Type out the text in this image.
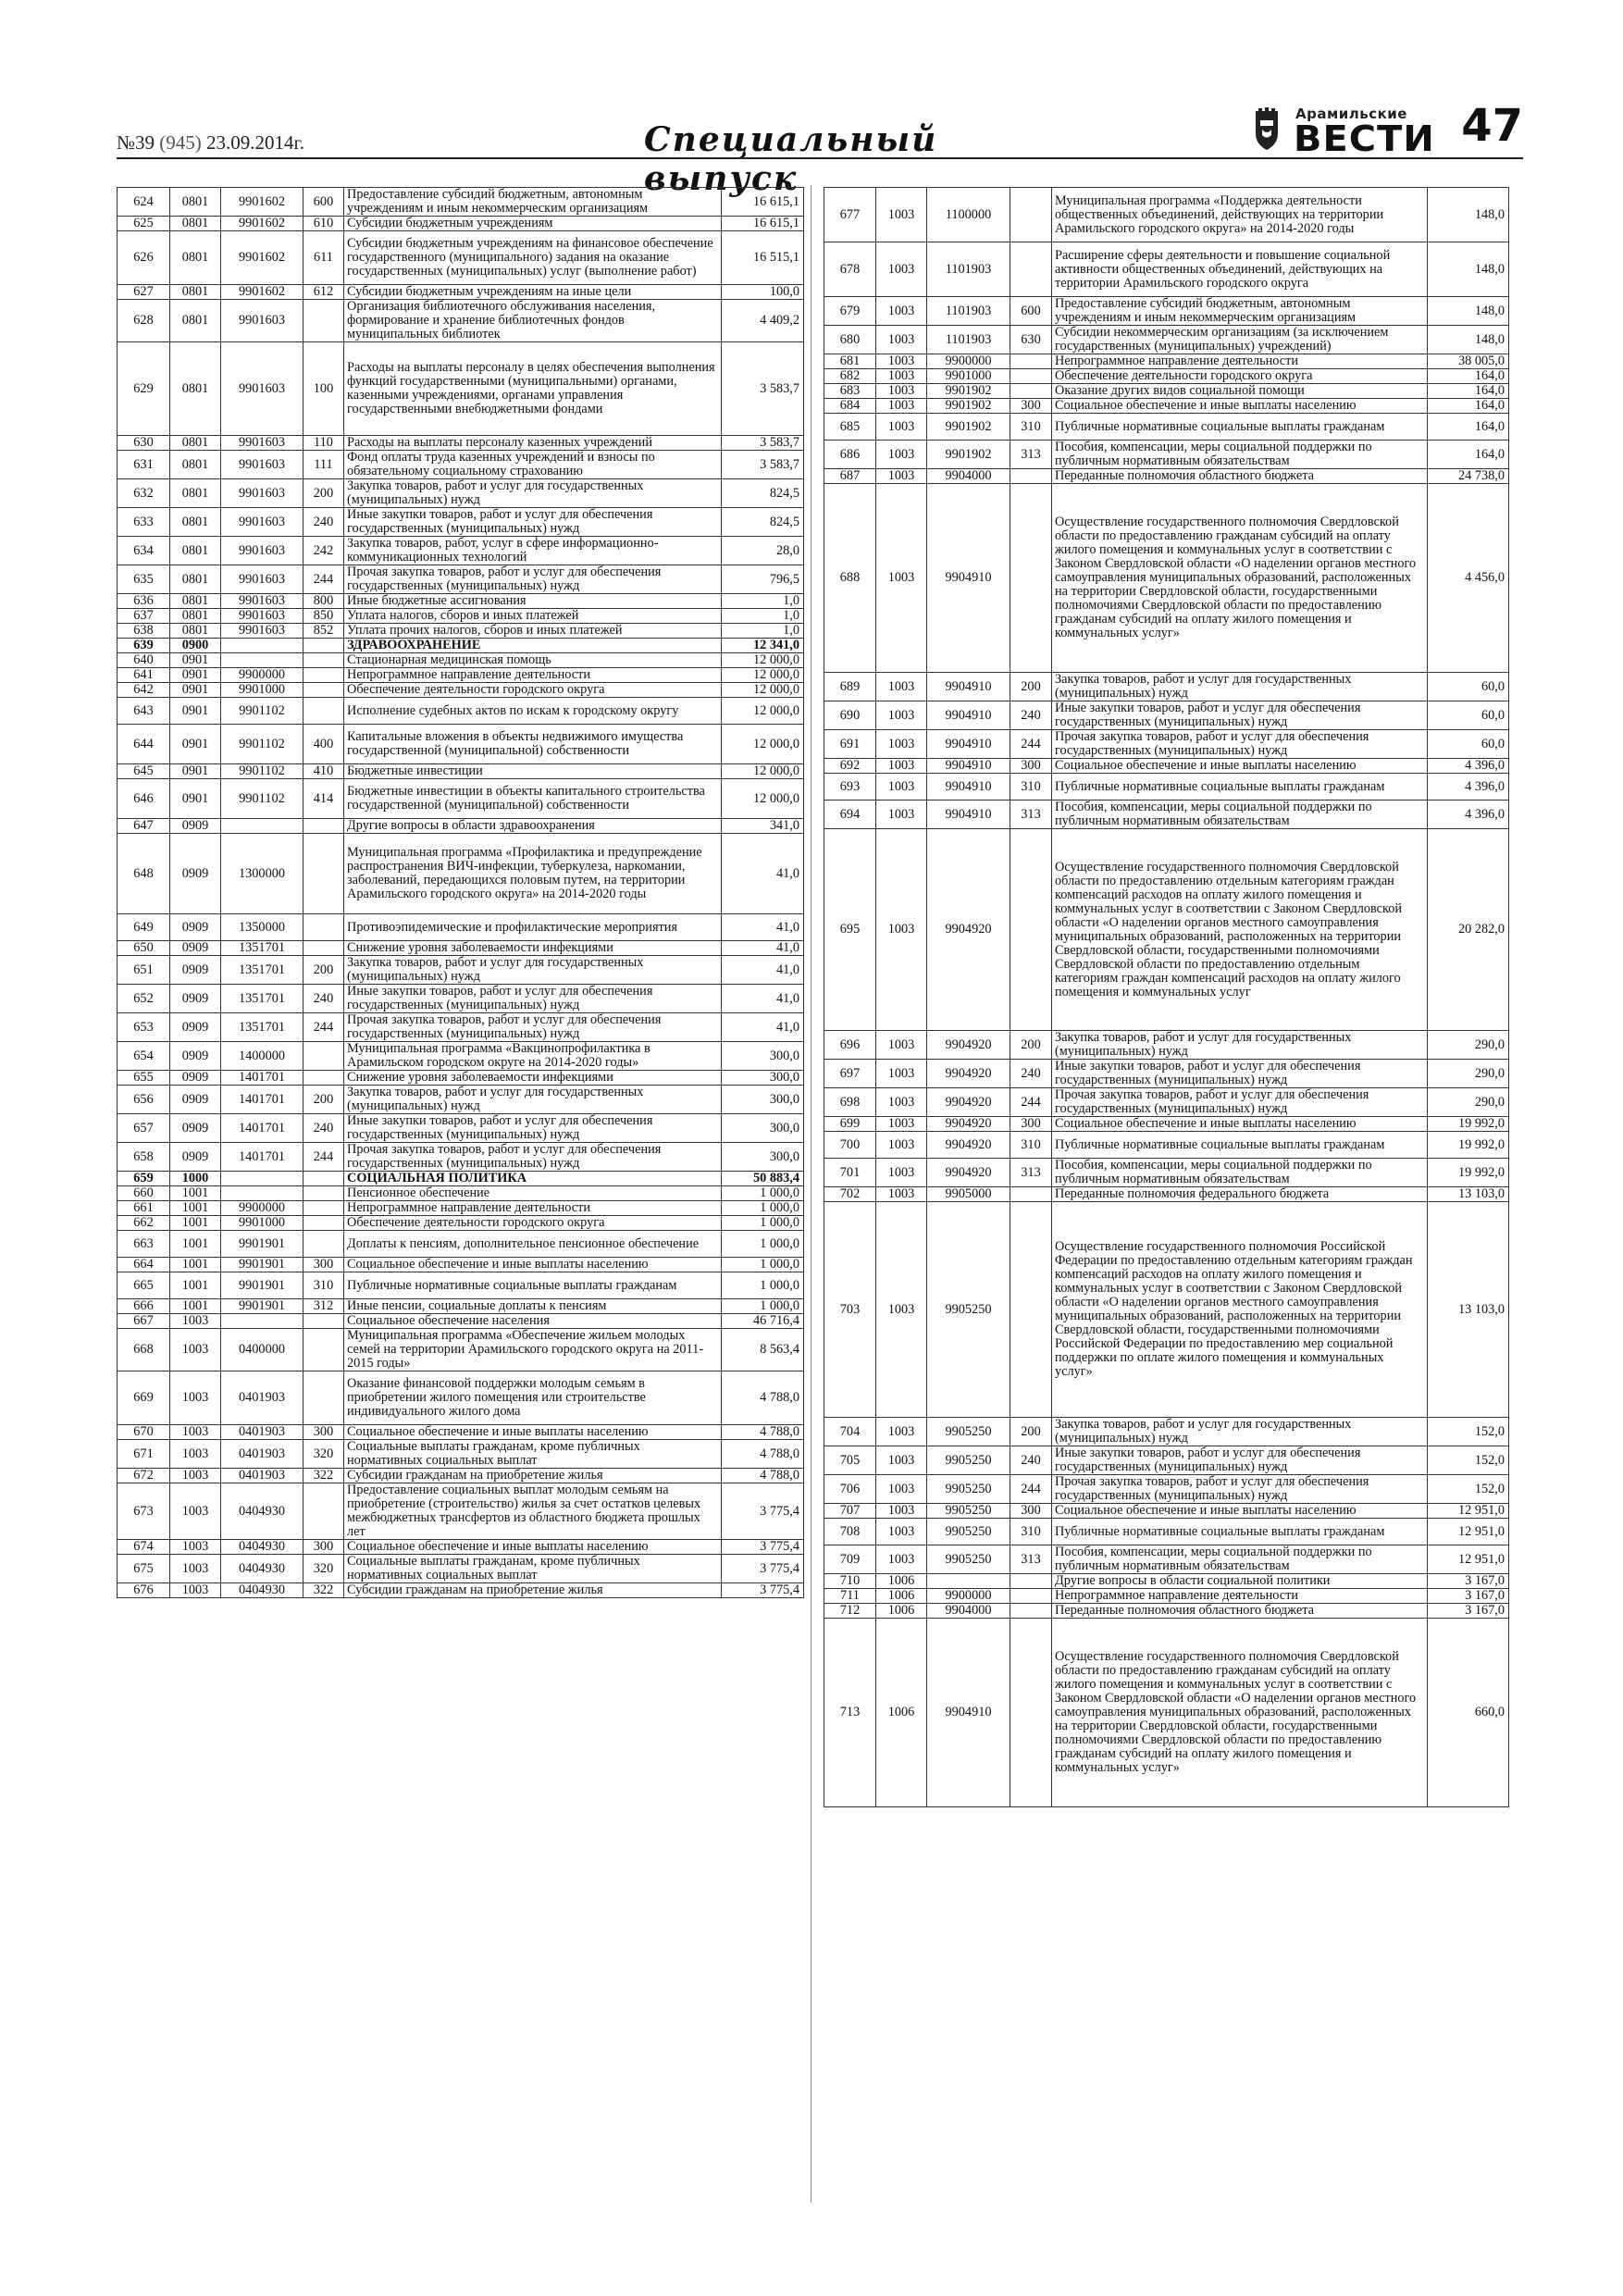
№39 (945) 23.09.2014г.	Специальный выпуск
Арамильские
ВЕСТИ 47
624	0801	9901602	600	Предоставление субсидий бюджетным, автономным учреждениям и иным некоммерческим организациям	16 615,1
625	0801	9901602	610	Субсидии бюджетным учреждениям	16 615,1
626	0801	9901602	611	Субсидии бюджетным учреждениям на финансовое обеспечение государственного (муниципального) задания на оказание государственных (муниципальных) услуг (выполнение работ)	16 515,1
627	0801	9901602	612	Субсидии бюджетным учреждениям на иные цели	100,0
628	0801	9901603		Организация библиотечного обслуживания населения, формирование и хранение библиотечных фондов муниципальных библиотек	4 409,2
629	0801	9901603	100	Расходы на выплаты персоналу в целях обеспечения выполнения функций государственными (муниципальными) органами, казенными учреждениями, органами управления государственными внебюджетными фондами	3 583,7
630	0801	9901603	110	Расходы на выплаты персоналу казенных учреждений	3 583,7
631	0801	9901603	111	Фонд оплаты труда казенных учреждений и взносы по обязательному социальному страхованию	3 583,7
632	0801	9901603	200	Закупка товаров, работ и услуг для государственных (муниципальных) нужд	824,5
633	0801	9901603	240	Иные закупки товаров, работ и услуг для обеспечения государственных (муниципальных) нужд	824,5
634	0801	9901603	242	Закупка товаров, работ, услуг в сфере информационно-коммуникационных технологий	28,0
635	0801	9901603	244	Прочая закупка товаров, работ и услуг для обеспечения государственных (муниципальных) нужд	796,5
636	0801	9901603	800	Иные бюджетные ассигнования	1,0
637	0801	9901603	850	Уплата налогов, сборов и иных платежей	1,0
638	0801	9901603	852	Уплата прочих налогов, сборов и иных платежей	1,0
639	0900			ЗДРАВООХРАНЕНИЕ	12 341,0
640	0901			Стационарная медицинская помощь	12 000,0
641	0901	9900000		Непрограммное направление деятельности	12 000,0
642	0901	9901000		Обеспечение деятельности городского округа	12 000,0
643	0901	9901102		Исполнение судебных актов по искам к городскому округу	12 000,0
644	0901	9901102	400	Капитальные вложения в объекты недвижимого имущества государственной (муниципальной) собственности	12 000,0
645	0901	9901102	410	Бюджетные инвестиции	12 000,0
646	0901	9901102	414	Бюджетные инвестиции в объекты капитального строительства государственной (муниципальной) собственности	12 000,0
647	0909			Другие вопросы в области здравоохранения	341,0
648	0909	1300000		Муниципальная программа «Профилактика и предупреждение распространения ВИЧ-инфекции, туберкулеза, наркомании, заболеваний, передающихся половым путем, на территории Арамильского городского округа» на 2014-2020 годы	41,0
649	0909	1350000		Противоэпидемические и профилактические мероприятия	41,0
650	0909	1351701		Снижение уровня заболеваемости инфекциями	41,0
651	0909	1351701	200	Закупка товаров, работ и услуг для государственных (муниципальных) нужд	41,0
652	0909	1351701	240	Иные закупки товаров, работ и услуг для обеспечения государственных (муниципальных) нужд	41,0
653	0909	1351701	244	Прочая закупка товаров, работ и услуг для обеспечения государственных (муниципальных) нужд	41,0
654	0909	1400000		Муниципальная программа «Вакцинопрофилактика в Арамильском городском округе на 2014-2020 годы»	300,0
655	0909	1401701		Снижение уровня заболеваемости инфекциями	300,0
656	0909	1401701	200	Закупка товаров, работ и услуг для государственных (муниципальных) нужд	300,0
657	0909	1401701	240	Иные закупки товаров, работ и услуг для обеспечения государственных (муниципальных) нужд	300,0
658	0909	1401701	244	Прочая закупка товаров, работ и услуг для обеспечения государственных (муниципальных) нужд	300,0
659	1000			СОЦИАЛЬНАЯ ПОЛИТИКА	50 883,4
660	1001			Пенсионное обеспечение	1 000,0
661	1001	9900000		Непрограммное направление деятельности	1 000,0
662	1001	9901000		Обеспечение деятельности городского округа	1 000,0
663	1001	9901901		Доплаты к пенсиям, дополнительное пенсионное обеспечение	1 000,0
664	1001	9901901	300	Социальное обеспечение и иные выплаты населению	1 000,0
665	1001	9901901	310	Публичные нормативные социальные выплаты гражданам	1 000,0
666	1001	9901901	312	Иные пенсии, социальные доплаты к пенсиям	1 000,0
667	1003			Социальное обеспечение населения	46 716,4
668	1003	0400000		Муниципальная программа «Обеспечение жильем молодых семей на территории Арамильского городского округа на 2011-2015 годы»	8 563,4
669	1003	0401903		Оказание финансовой поддержки молодым семьям в приобретении жилого помещения или строительстве индивидуального жилого дома	4 788,0
670	1003	0401903	300	Социальное обеспечение и иные выплаты населению	4 788,0
671	1003	0401903	320	Социальные выплаты гражданам, кроме публичных нормативных социальных выплат	4 788,0
672	1003	0401903	322	Субсидии гражданам на приобретение жилья	4 788,0
673	1003	0404930		Предоставление социальных выплат молодым семьям на приобретение (строительство) жилья за счет остатков целевых межбюджетных трансфертов из областного бюджета прошлых лет	3 775,4
674	1003	0404930	300	Социальное обеспечение и иные выплаты населению	3 775,4
675	1003	0404930	320	Социальные выплаты гражданам, кроме публичных нормативных социальных выплат	3 775,4
676	1003	0404930	322	Субсидии гражданам на приобретение жилья	3 775,4
677	1003	1100000		Муниципальная программа «Поддержка деятельности общественных объединений, действующих на территории Арамильского городского округа» на 2014-2020 годы	148,0
678	1003	1101903		Расширение сферы деятельности и повышение социальной активности общественных объединений, действующих на территории Арамильского городского округа	148,0
679	1003	1101903	600	Предоставление субсидий бюджетным, автономным учреждениям и иным некоммерческим организациям	148,0
680	1003	1101903	630	Субсидии некоммерческим организациям (за исключением государственных (муниципальных) учреждений)	148,0
681	1003	9900000		Непрограммное направление деятельности	38 005,0
682	1003	9901000		Обеспечение деятельности городского округа	164,0
683	1003	9901902		Оказание других видов социальной помощи	164,0
684	1003	9901902	300	Социальное обеспечение и иные выплаты населению	164,0
685	1003	9901902	310	Публичные нормативные социальные выплаты гражданам	164,0
686	1003	9901902	313	Пособия, компенсации, меры социальной поддержки по публичным нормативным обязательствам	164,0
687	1003	9904000		Переданные полномочия областного бюджета	24 738,0
688	1003	9904910		Осуществление государственного полномочия Свердловской области по предоставлению гражданам субсидий на оплату жилого помещения и коммунальных услуг в соответствии с Законом Свердловской области «О наделении органов местного самоуправления муниципальных образований, расположенных на территории Свердловской области, государственными полномочиями Свердловской области по предоставлению гражданам субсидий на оплату жилого помещения и коммунальных услуг»	4 456,0
689	1003	9904910	200	Закупка товаров, работ и услуг для государственных (муниципальных) нужд	60,0
690	1003	9904910	240	Иные закупки товаров, работ и услуг для обеспечения государственных (муниципальных) нужд	60,0
691	1003	9904910	244	Прочая закупка товаров, работ и услуг для обеспечения государственных (муниципальных) нужд	60,0
692	1003	9904910	300	Социальное обеспечение и иные выплаты населению	4 396,0
693	1003	9904910	310	Публичные нормативные социальные выплаты гражданам	4 396,0
694	1003	9904910	313	Пособия, компенсации, меры социальной поддержки по публичным нормативным обязательствам	4 396,0
695	1003	9904920		Осуществление государственного полномочия Свердловской области по предоставлению отдельным категориям граждан компенсаций расходов на оплату жилого помещения и коммунальных услуг в соответствии с Законом Свердловской области «О наделении органов местного самоуправления муниципальных образований, расположенных на территории Свердловской области, государственными полномочиями Свердловской области по предоставлению отдельным категориям граждан компенсаций расходов на оплату жилого помещения и коммунальных услуг	20 282,0
696	1003	9904920	200	Закупка товаров, работ и услуг для государственных (муниципальных) нужд	290,0
697	1003	9904920	240	Иные закупки товаров, работ и услуг для обеспечения государственных (муниципальных) нужд	290,0
698	1003	9904920	244	Прочая закупка товаров, работ и услуг для обеспечения государственных (муниципальных) нужд	290,0
699	1003	9904920	300	Социальное обеспечение и иные выплаты населению	19 992,0
700	1003	9904920	310	Публичные нормативные социальные выплаты гражданам	19 992,0
701	1003	9904920	313	Пособия, компенсации, меры социальной поддержки по публичным нормативным обязательствам	19 992,0
702	1003	9905000		Переданные полномочия федерального бюджета	13 103,0
703	1003	9905250		Осуществление государственного полномочия Российской Федерации по предоставлению отдельным категориям граждан компенсаций расходов на оплату жилого помещения и коммунальных услуг в соответствии с Законом Свердловской области «О наделении органов местного самоуправления муниципальных образований, расположенных на территории Свердловской области, государственными полномочиями Российской Федерации по предоставлению мер социальной поддержки по оплате жилого помещения и коммунальных услуг»	13 103,0
704	1003	9905250	200	Закупка товаров, работ и услуг для государственных (муниципальных) нужд	152,0
705	1003	9905250	240	Иные закупки товаров, работ и услуг для обеспечения государственных (муниципальных) нужд	152,0
706	1003	9905250	244	Прочая закупка товаров, работ и услуг для обеспечения государственных (муниципальных) нужд	152,0
707	1003	9905250	300	Социальное обеспечение и иные выплаты населению	12 951,0
708	1003	9905250	310	Публичные нормативные социальные выплаты гражданам	12 951,0
709	1003	9905250	313	Пособия, компенсации, меры социальной поддержки по публичным нормативным обязательствам	12 951,0
710	1006			Другие вопросы в области социальной политики	3 167,0
711	1006	9900000		Непрограммное направление деятельности	3 167,0
712	1006	9904000		Переданные полномочия областного бюджета	3 167,0
713	1006	9904910		Осуществление государственного полномочия Свердловской области по предоставлению гражданам субсидий на оплату жилого помещения и коммунальных услуг в соответствии с Законом Свердловской области «О наделении органов местного самоуправления муниципальных образований, расположенных на территории Свердловской области, государственными полномочиями Свердловской области по предоставлению гражданам субсидий на оплату жилого помещения и коммунальных услуг»	660,0
